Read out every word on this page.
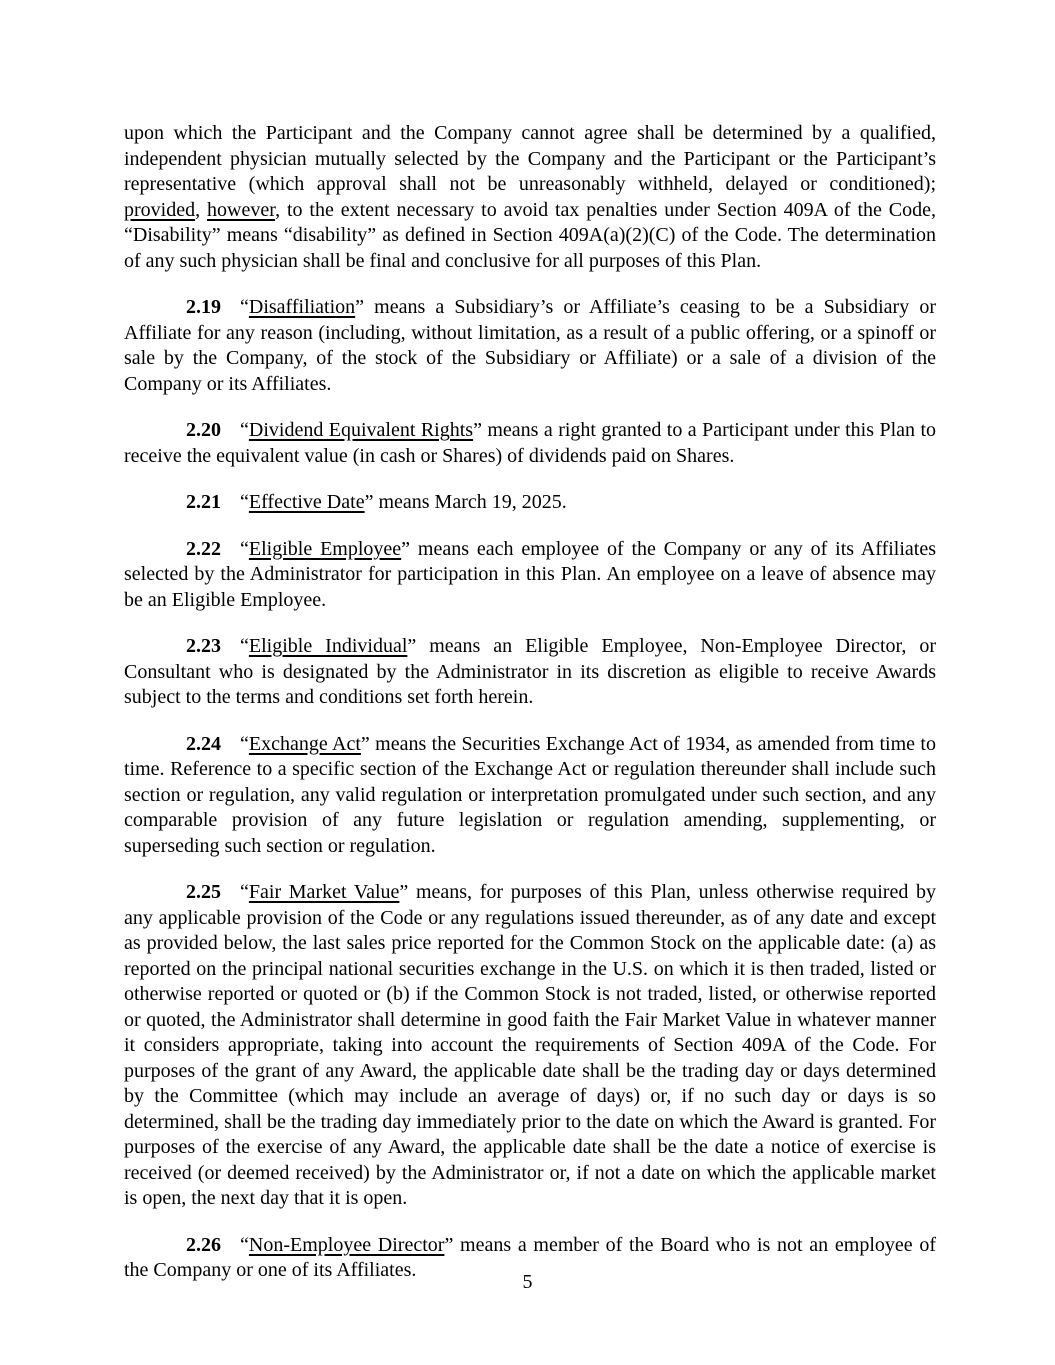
upon which the Participant and the Company cannot agree shall be determined by a qualified, independent physician mutually selected by the Company and the Participant or the Participant’s representative (which approval shall not be unreasonably withheld, delayed or conditioned); provided, however, to the extent necessary to avoid tax penalties under Section 409A of the Code, “Disability” means “disability” as defined in Section 409A(a)(2)(C) of the Code. The determination of any such physician shall be final and conclusive for all purposes of this Plan.
2.19 “Disaffiliation” means a Subsidiary’s or Affiliate’s ceasing to be a Subsidiary or Affiliate for any reason (including, without limitation, as a result of a public offering, or a spinoff or sale by the Company, of the stock of the Subsidiary or Affiliate) or a sale of a division of the Company or its Affiliates.
2.20 “Dividend Equivalent Rights” means a right granted to a Participant under this Plan to receive the equivalent value (in cash or Shares) of dividends paid on Shares.
2.21 “Effective Date” means March 19, 2025.
2.22 “Eligible Employee” means each employee of the Company or any of its Affiliates selected by the Administrator for participation in this Plan. An employee on a leave of absence may be an Eligible Employee.
2.23 “Eligible Individual” means an Eligible Employee, Non-Employee Director, or Consultant who is designated by the Administrator in its discretion as eligible to receive Awards subject to the terms and conditions set forth herein.
2.24 “Exchange Act” means the Securities Exchange Act of 1934, as amended from time to time. Reference to a specific section of the Exchange Act or regulation thereunder shall include such section or regulation, any valid regulation or interpretation promulgated under such section, and any comparable provision of any future legislation or regulation amending, supplementing, or superseding such section or regulation.
2.25 “Fair Market Value” means, for purposes of this Plan, unless otherwise required by any applicable provision of the Code or any regulations issued thereunder, as of any date and except as provided below, the last sales price reported for the Common Stock on the applicable date: (a) as reported on the principal national securities exchange in the U.S. on which it is then traded, listed or otherwise reported or quoted or (b) if the Common Stock is not traded, listed, or otherwise reported or quoted, the Administrator shall determine in good faith the Fair Market Value in whatever manner it considers appropriate, taking into account the requirements of Section 409A of the Code. For purposes of the grant of any Award, the applicable date shall be the trading day or days determined by the Committee (which may include an average of days) or, if no such day or days is so determined, shall be the trading day immediately prior to the date on which the Award is granted. For purposes of the exercise of any Award, the applicable date shall be the date a notice of exercise is received (or deemed received) by the Administrator or, if not a date on which the applicable market is open, the next day that it is open.
2.26 “Non-Employee Director” means a member of the Board who is not an employee of the Company or one of its Affiliates.
5
